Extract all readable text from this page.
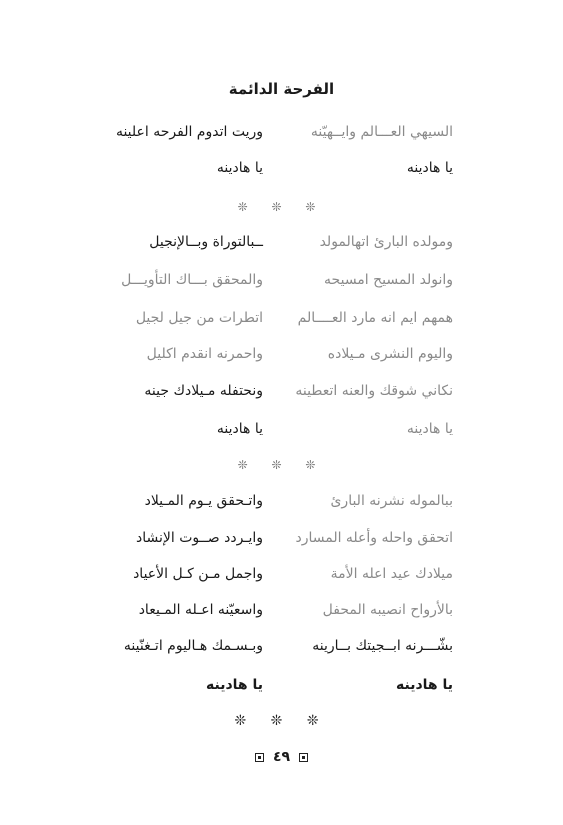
الفرحة الدائمة
السيهي العـــالم وايــهيّنه
وريت اتدوم الفرحه اعلينه
يا هادينه
يا هادينه
❊ ❊ ❊
ومولده البارئ اتهالمولد
ــبالتوراة وبــالإنجيل
وانولد المسيح امسيحه
والمحقق بـــاك التأويـــل
همهم ايم انه مارد العــــالم
اتطرات من جيل لجيل
واليوم النشرى مـيلاده
واحمرنه انقدم اكليل
نكاني شوقك والعنه اتعطينه
ونحتفله مـيلادك جينه
يا هادينه
يا هادينه
❊ ❊ ❊
ببالموله نشرنه البارئ
واتـحقق يـوم المـيلاد
اتحقق واحله وأعله المسارد
وايـردد صــوت الإنشاد
ميلادك عيد اعله الأمة
واجمل مـن كـل الأعياد
بالأرواح انصيبه المحفل
واسعيّنه اعـله المـيعاد
بشّـــرنه ابــجيتك بــارينه
وبـسـمك هـاليوم اتـغنّينه
يا هادينه
يا هادينه
❊ ❊ ❊
٤٩
